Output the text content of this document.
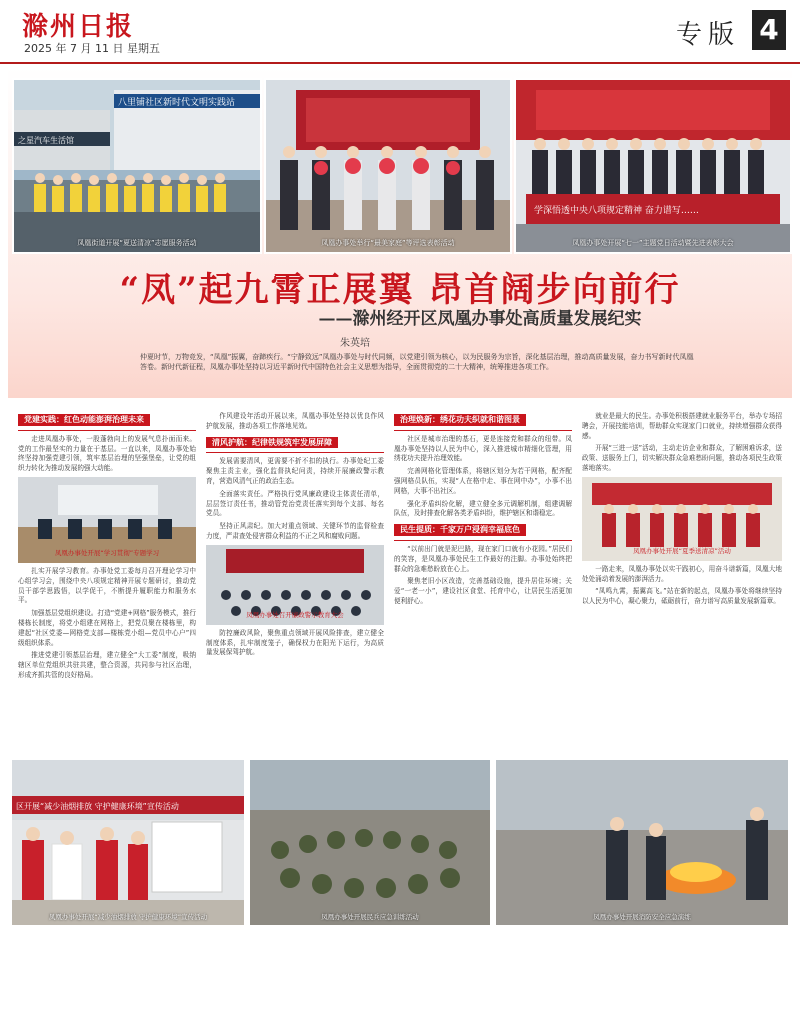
滁州日报
2025 年 7 月 11 日 星期五	专版 4
八里铺社区新时代文明实践站
之星汽车生活馆
凤凰街道开展“夏送清凉”志愿服务活动	凤凰办事处举行“最美家庭”等评选表彰活动
学深悟透中央八项规定精神 奋力谱写……
凤凰办事处开展“七一”主题党日活动暨先进表彰大会
“凤”起九霄正展翼 昂首阔步向前行
——滁州经开区凤凰办事处高质量发展纪实
朱英培
仲夏时节，万物竞发，“凤凰”振翼，奋蹄疾行。“宁静致远”凤凰办事处与时代同频，以党建引领为核心，以为民服务为宗旨，深化基层治理，推动高质量发展，奋力书写新时代凤凰答卷。新时代新征程，凤凰办事处坚持以习近平新时代中国特色社会主义思想为指导，全面贯彻党的二十大精神，统筹推进各项工作。
党建实践：红色动能澎湃治理未来

走进凤凰办事处，一股蓬勃向上的发展气息扑面而来。党的工作最坚实的力量在于基层。一直以来，凤凰办事处始终坚持加强党建引领，筑牢基层治理的坚强堡垒，让党的组织力转化为推动发展的强大动能。

凤凰办事处开展“学习贯彻”专题学习

扎实开展学习教育。办事处党工委每月召开理论学习中心组学习会，围绕中央八项规定精神开展专题研讨，推动党员干部学思践悟，以学促干，不断提升履职能力和服务水平。

加强基层党组织建设。打造“党建+网格”服务模式，推行楼栋长制度，将党小组建在网格上，把党员聚在楼栋里，构建起“社区党委—网格党支部—楼栋党小组—党员中心户”四级组织体系。

推进党建引领基层治理，建立健全“大工委”制度，吸纳辖区单位党组织共驻共建，整合资源，共同参与社区治理，形成齐抓共管的良好格局。

作风建设年活动开展以来，凤凰办事处坚持以优良作风护航发展，推动各项工作落地见效。

清风护航：纪律铁规筑牢发展屏障

发展需要清风，更需要不折不扣的执行。办事处纪工委聚焦主责主业，强化监督执纪问责，持续开展廉政警示教育，营造风清气正的政治生态。

全面落实责任。严格执行党风廉政建设主体责任清单，层层签订责任书，推动管党治党责任落实到每个支部、每名党员。

坚持正风肃纪。加大对重点领域、关键环节的监督检查力度，严肃查处侵害群众利益的不正之风和腐败问题。

凤凰办事处召开廉政警示教育大会

防控廉政风险，聚焦重点领域开展风险排查，建立健全制度体系，扎牢制度笼子，确保权力在阳光下运行，为高质量发展保驾护航。

治理焕新：绣花功夫织就和谐图景

社区是城市治理的基石，更是连接党和群众的纽带。凤凰办事处坚持以人民为中心，深入推进城市精细化管理，用绣花功夫提升治理效能。

完善网格化管理体系，将辖区划分为若干网格，配齐配强网格员队伍，实现“人在格中走、事在网中办”，小事不出网格，大事不出社区。

强化矛盾纠纷化解，建立健全多元调解机制，组建调解队伍，及时排查化解各类矛盾纠纷，维护辖区和谐稳定。

民生提质：千家万户浸润幸福底色

“以前出门就是泥巴路，现在家门口就有小花园。”居民们的笑容，是凤凰办事处民生工作最好的注脚。办事处始终把群众的急难愁盼放在心上。

聚焦老旧小区改造，完善基础设施，提升居住环境；关爱“一老一小”，建设社区食堂、托育中心，让居民生活更加便利舒心。

就业是最大的民生。办事处积极搭建就业服务平台，举办专场招聘会，开展技能培训，帮助群众实现家门口就业，持续增强群众获得感。

开展“三进一送”活动，主动走访企业和群众，了解困难诉求，送政策、送服务上门，切实解决群众急难愁盼问题，推动各项民生政策落地落实。

凤凰办事处开展“夏季送清凉”活动

一路走来，凤凰办事处以实干践初心，用奋斗谱新篇，凤凰大地处处涌动着发展的澎湃活力。

“凤鸣九霄，振翼高飞。”站在新的起点，凤凰办事处将继续坚持以人民为中心，凝心聚力，砥砺前行，奋力谱写高质量发展新篇章。

区开展“减少油烟排放 守护健康环境”宣传活动
凤凰办事处开展“减少油烟排放 守护健康环境”宣传活动	凤凰办事处开展民兵应急训练活动	凤凰办事处开展消防安全应急演练
